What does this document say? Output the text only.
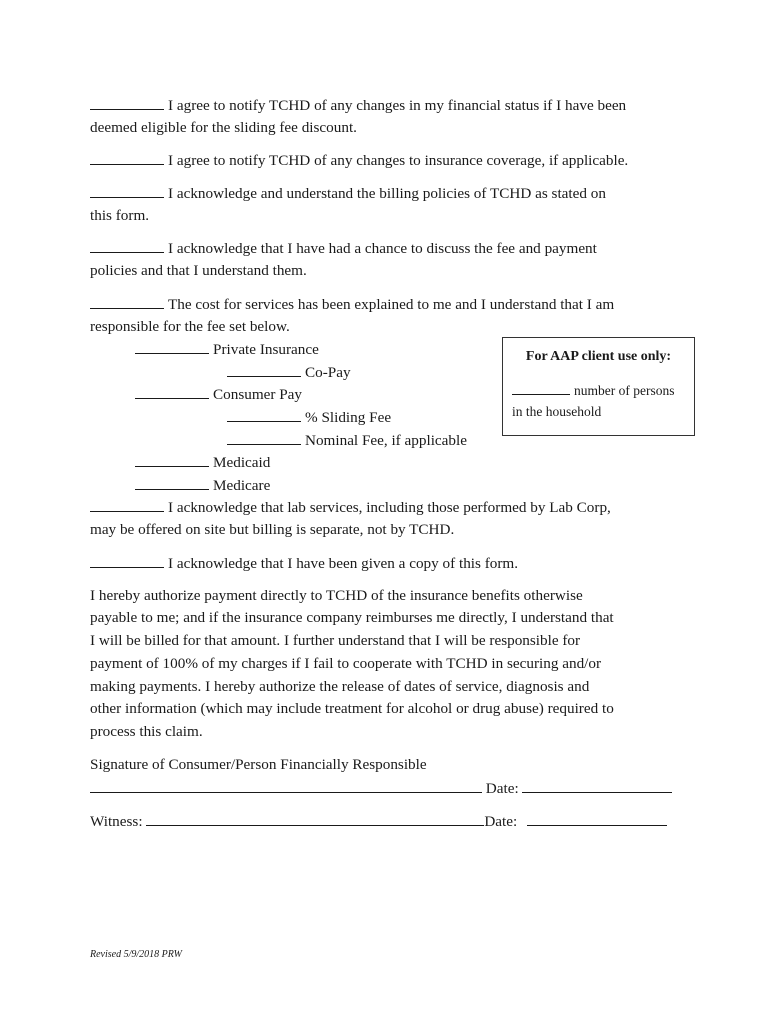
I agree to notify TCHD of any changes in my financial status if I have been
deemed eligible for the sliding fee discount.
I agree to notify TCHD of any changes to insurance coverage, if applicable.
I acknowledge and understand the billing policies of TCHD as stated on
this form.
I acknowledge that I have had a chance to discuss the fee and payment
policies and that I understand them.
The cost for services has been explained to me and I understand that I am
responsible for the fee set below.
Private Insurance
Co-Pay
Consumer Pay
% Sliding Fee
Nominal Fee, if applicable
Medicaid
Medicare
For AAP client use only:
number of persons
in the household
I acknowledge that lab services, including those performed by Lab Corp,
may be offered on site but billing is separate, not by TCHD.
I acknowledge that I have been given a copy of this form.
I hereby authorize payment directly to TCHD of the insurance benefits otherwise
payable to me; and if the insurance company reimburses me directly, I understand that
I will be billed for that amount. I further understand that I will be responsible for
payment of 100% of my charges if I fail to cooperate with TCHD in securing and/or
making payments. I hereby authorize the release of dates of service, diagnosis and
other information (which may include treatment for alcohol or drug abuse) required to
process this claim.
Signature of Consumer/Person Financially Responsible
Date:
Witness:	Date:
Revised 5/9/2018 PRW
